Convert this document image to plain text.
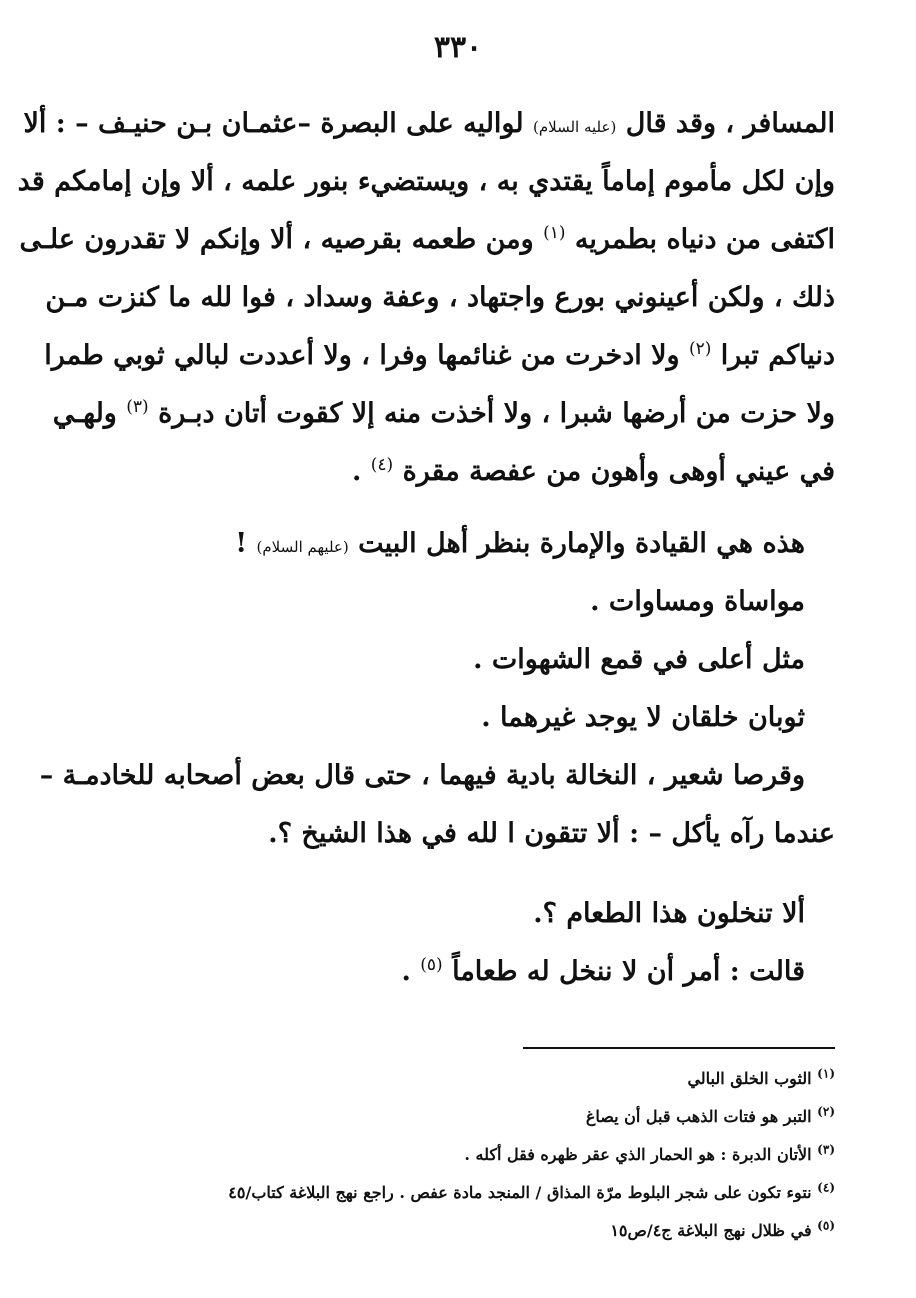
٣٣٠
المسافر ، وقد قال (عليه السلام) لواليه على البصرة –عثمـان بـن حنيـف – : ألا
وإن لكل مأموم إماماً يقتدي به ، ويستضيء بنور علمه ، ألا وإن إمامكم قد
اكتفى من دنياه بطمريه $^{(١)}$ ومن طعمه بقرصيه ، ألا وإنكم لا تقدرون علـى
ذلك ، ولكن أعينوني بورع واجتهاد ، وعفة وسداد ، فوا لله ما كنزت مـن
دنياكم تبرا $^{(٢)}$ ولا ادخرت من غنائمها وفرا ، ولا أعددت لبالي ثوبي طمرا
ولا حزت من أرضها شبرا ، ولا أخذت منه إلا كقوت أتان دبـرة $^{(٣)}$ ولهـي
في عيني أوهى وأهون من عفصة مقرة $^{(٤)}$ .
هذه هي القيادة والإمارة بنظر أهل البيت (عليهم السلام) !
مواساة ومساوات .
مثل أعلى في قمع الشهوات .
ثوبان خلقان لا يوجد غيرهما .
وقرصا شعير ، النخالة بادية فيهما ، حتى قال بعض أصحابه للخادمـة –
عندما رآه يأكل – : ألا تتقون ا لله في هذا الشيخ ؟.
ألا تنخلون هذا الطعام ؟.
قالت : أمر أن لا ننخل له طعاماً $^{(٥)}$ .
$^{(١)}$ الثوب الخلق البالي
$^{(٢)}$ التبر هو فتات الذهب قبل أن يصاغ
$^{(٣)}$ الأتان الدبرة : هو الحمار الذي عقر ظهره فقل أكله .
$^{(٤)}$ نتوء تكون على شجر البلوط مرّة المذاق / المنجد مادة عفص . راجع نهج البلاغة كتاب/٤٥
$^{(٥)}$ في ظلال نهج البلاغة ج٤/ص١٥
